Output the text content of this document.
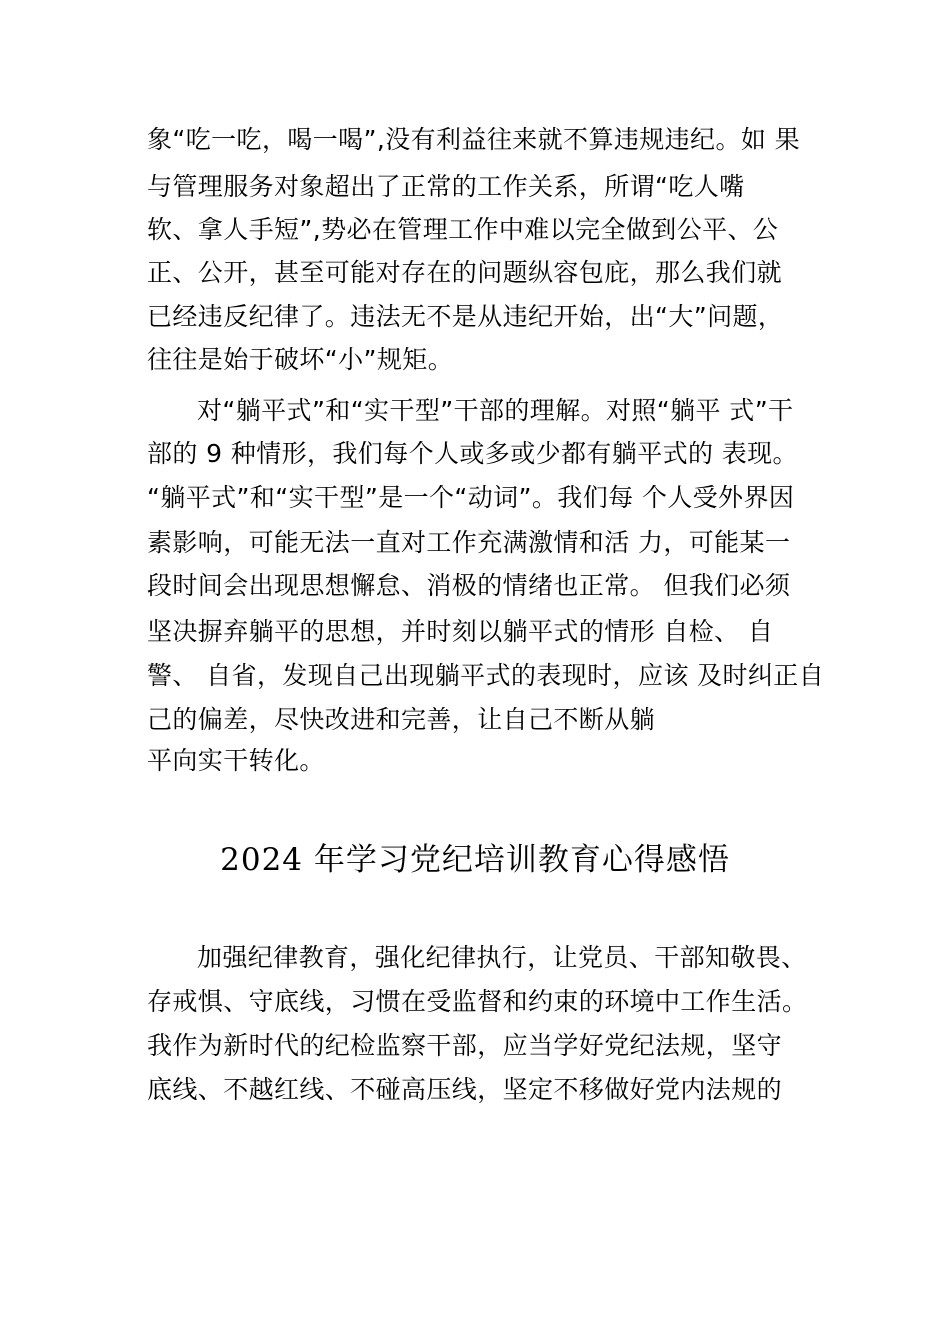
象“吃一吃，喝一喝”,没有利益往来就不算违规违纪。如 果
与管理服务对象超出了正常的工作关系，所谓“吃人嘴
软、拿人手短”,势必在管理工作中难以完全做到公平、公
正、公开，甚至可能对存在的问题纵容包庇，那么我们就
已经违反纪律了。违法无不是从违纪开始，出“大”问题，
往往是始于破坏“小”规矩。
对“躺平式”和“实干型”干部的理解。对照“躺平 式”干
部的 9 种情形，我们每个人或多或少都有躺平式的 表现。
“躺平式”和“实干型”是一个“动词”。我们每 个人受外界因
素影响，可能无法一直对工作充满激情和活 力，可能某一
段时间会出现思想懈怠、消极的情绪也正常。 但我们必须
坚决摒弃躺平的思想，并时刻以躺平式的情形 自检、 自
警、 自省，发现自己出现躺平式的表现时，应该 及时纠正自
己的偏差，尽快改进和完善，让自己不断从躺
平向实干转化。
2024 年学习党纪培训教育心得感悟
加强纪律教育，强化纪律执行，让党员、干部知敬畏、
存戒惧、守底线，习惯在受监督和约束的环境中工作生活。
我作为新时代的纪检监察干部，应当学好党纪法规，坚守
底线、不越红线、不碰高压线，坚定不移做好党内法规的
